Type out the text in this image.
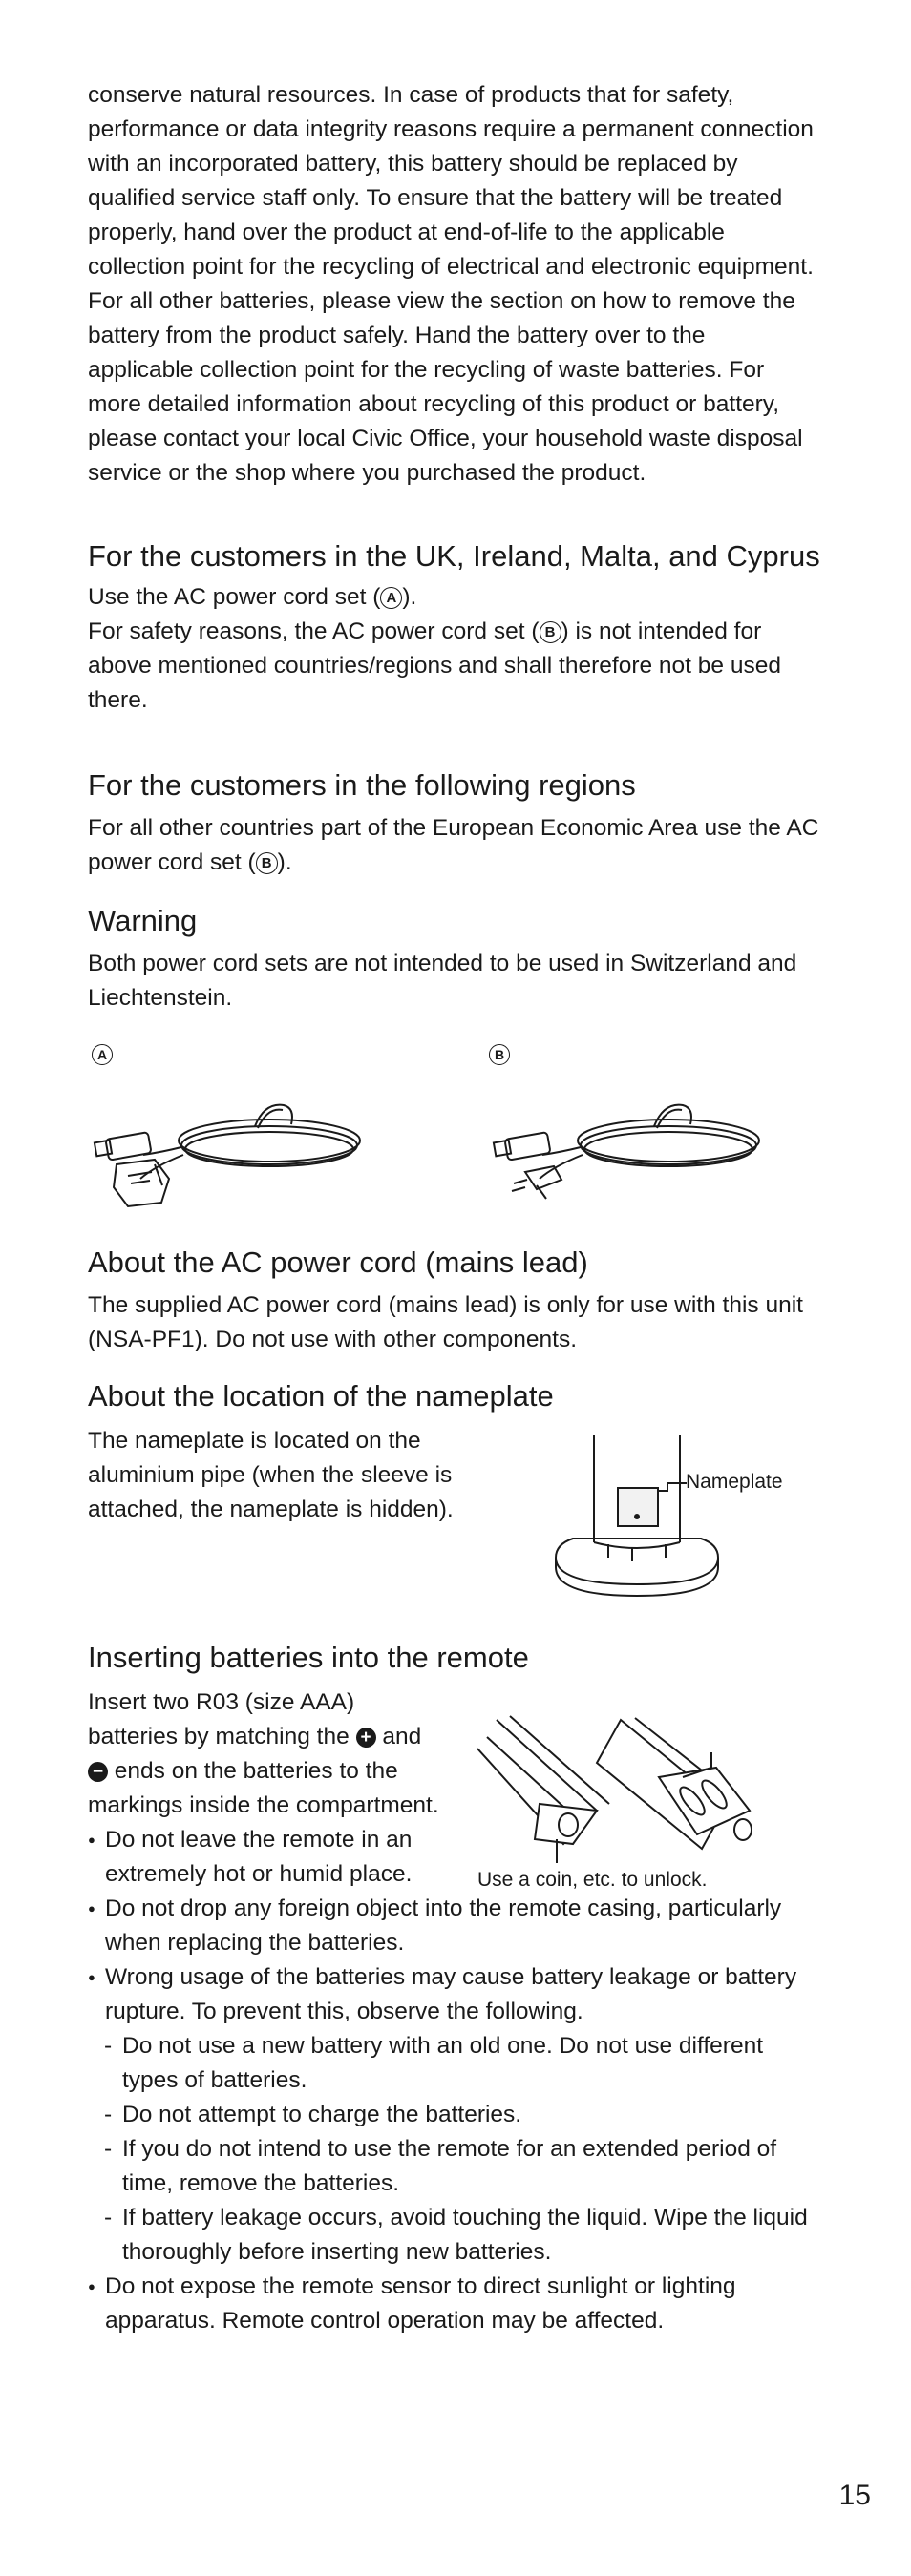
conserve natural resources. In case of products that for safety, performance or data integrity reasons require a permanent connection with an incorporated battery, this battery should be replaced by qualified service staff only. To ensure that the battery will be treated properly, hand over the product at end-of-life to the applicable collection point for the recycling of electrical and electronic equipment. For all other batteries, please view the section on how to remove the battery from the product safely. Hand the battery over to the applicable collection point for the recycling of waste batteries. For more detailed information about recycling of this product or battery, please contact your local Civic Office, your household waste disposal service or the shop where you purchased the product.

For the customers in the UK, Ireland, Malta, and Cyprus

Use the AC power cord set ( A ).

For safety reasons, the AC power cord set ( B ) is not intended for above mentioned countries/regions and shall therefore not be used there.

For the customers in the following regions

For all other countries part of the European Economic Area use the AC power cord set ( B ).

Warning

Both power cord sets are not intended to be used in Switzerland and Liechtenstein.

A	B
About the AC power cord (mains lead)

The supplied AC power cord (mains lead) is only for use with this unit (NSA-PF1). Do not use with other components.

About the location of the nameplate

The nameplate is located on the aluminium pipe (when the sleeve is attached, the nameplate is hidden).

Nameplate
Inserting batteries into the remote

Insert two R03 (size AAA)

batteries by matching the + and

− ends on the batteries to the

markings inside the compartment.

● Do not leave the remote in an extremely hot or humid place.
● Do not drop any foreign object into the remote casing, particularly when replacing the batteries.
● Wrong usage of the batteries may cause battery leakage or battery rupture. To prevent this, observe the following.
- Do not use a new battery with an old one. Do not use different types of batteries.
- Do not attempt to charge the batteries.
- If you do not intend to use the remote for an extended period of time, remove the batteries.
- If battery leakage occurs, avoid touching the liquid. Wipe the liquid thoroughly before inserting new batteries.
● Do not expose the remote sensor to direct sunlight or lighting apparatus. Remote control operation may be affected.
Use a coin, etc. to unlock.
15
